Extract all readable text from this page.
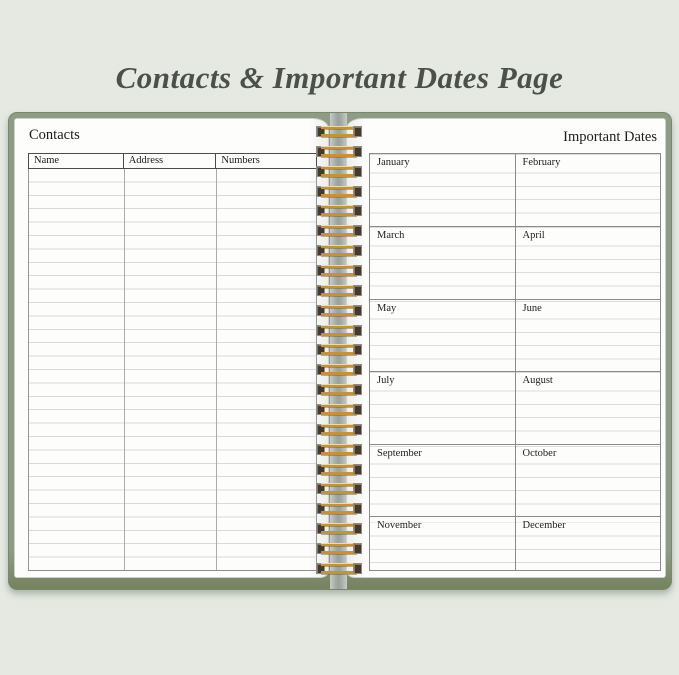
Contacts & Important Dates Page
Contacts
Name	Address	Numbers
Important Dates
January	February
March	April
May	June
July	August
September	October
November	December
